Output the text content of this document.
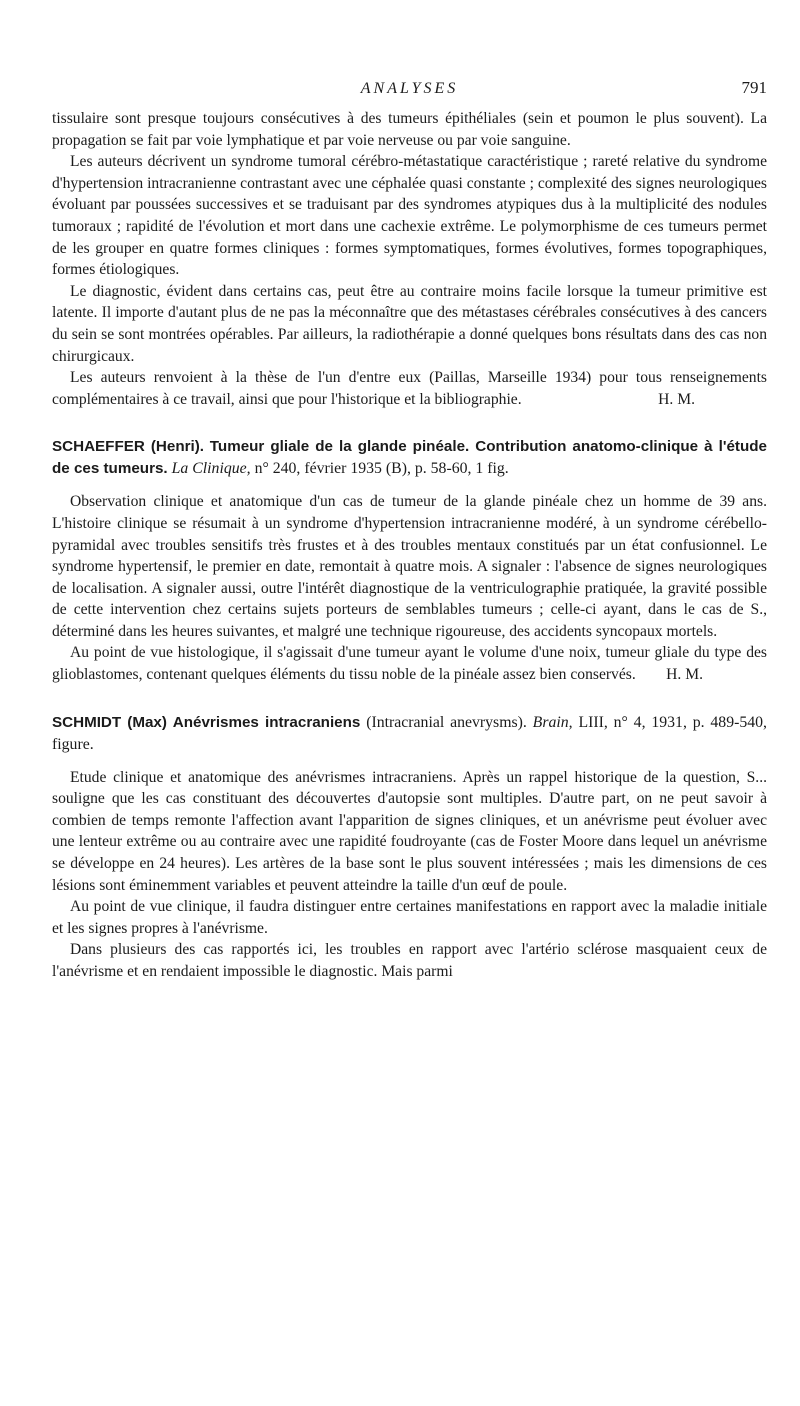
ANALYSES	791

tissulaire sont presque toujours consécutives à des tumeurs épithéliales (sein et poumon le plus souvent). La propagation se fait par voie lymphatique et par voie nerveuse ou par voie sanguine.

Les auteurs décrivent un syndrome tumoral cérébro-métastatique caractéristique ; rareté relative du syndrome d'hypertension intracranienne contrastant avec une céphalée quasi constante ; complexité des signes neurologiques évoluant par poussées successives et se traduisant par des syndromes atypiques dus à la multiplicité des nodules tumoraux ; rapidité de l'évolution et mort dans une cachexie extrême. Le polymorphisme de ces tumeurs permet de les grouper en quatre formes cliniques : formes symptomatiques, formes évolutives, formes topographiques, formes étiologiques.

Le diagnostic, évident dans certains cas, peut être au contraire moins facile lorsque la tumeur primitive est latente. Il importe d'autant plus de ne pas la méconnaître que des métastases cérébrales consécutives à des cancers du sein se sont montrées opérables. Par ailleurs, la radiothérapie a donné quelques bons résultats dans des cas non chirurgicaux.

Les auteurs renvoient à la thèse de l'un d'entre eux (Paillas, Marseille 1934) pour tous renseignements complémentaires à ce travail, ainsi que pour l'historique et la bibliographie.	H. M.

SCHAEFFER (Henri). Tumeur gliale de la glande pinéale. Contribution anatomo-clinique à l'étude de ces tumeurs. La Clinique, n° 240, février 1935 (B), p. 58-60, 1 fig.

Observation clinique et anatomique d'un cas de tumeur de la glande pinéale chez un homme de 39 ans. L'histoire clinique se résumait à un syndrome d'hypertension intracranienne modéré, à un syndrome cérébello-pyramidal avec troubles sensitifs très frustes et à des troubles mentaux constitués par un état confusionnel. Le syndrome hypertensif, le premier en date, remontait à quatre mois. A signaler : l'absence de signes neurologiques de localisation. A signaler aussi, outre l'intérêt diagnostique de la ventriculographie pratiquée, la gravité possible de cette intervention chez certains sujets porteurs de semblables tumeurs ; celle-ci ayant, dans le cas de S., déterminé dans les heures suivantes, et malgré une technique rigoureuse, des accidents syncopaux mortels.

Au point de vue histologique, il s'agissait d'une tumeur ayant le volume d'une noix, tumeur gliale du type des glioblastomes, contenant quelques éléments du tissu noble de la pinéale assez bien conservés.	H. M.

SCHMIDT (Max) Anévrismes intracraniens (Intracranial anevrysms). Brain, LIII, n° 4, 1931, p. 489-540, figure.

Etude clinique et anatomique des anévrismes intracraniens. Après un rappel historique de la question, S... souligne que les cas constituant des découvertes d'autopsie sont multiples. D'autre part, on ne peut savoir à combien de temps remonte l'affection avant l'apparition de signes cliniques, et un anévrisme peut évoluer avec une lenteur extrême ou au contraire avec une rapidité foudroyante (cas de Foster Moore dans lequel un anévrisme se développe en 24 heures). Les artères de la base sont le plus souvent intéressées ; mais les dimensions de ces lésions sont éminemment variables et peuvent atteindre la taille d'un œuf de poule.

Au point de vue clinique, il faudra distinguer entre certaines manifestations en rapport avec la maladie initiale et les signes propres à l'anévrisme.

Dans plusieurs des cas rapportés ici, les troubles en rapport avec l'artério sclérose masquaient ceux de l'anévrisme et en rendaient impossible le diagnostic. Mais parmi
